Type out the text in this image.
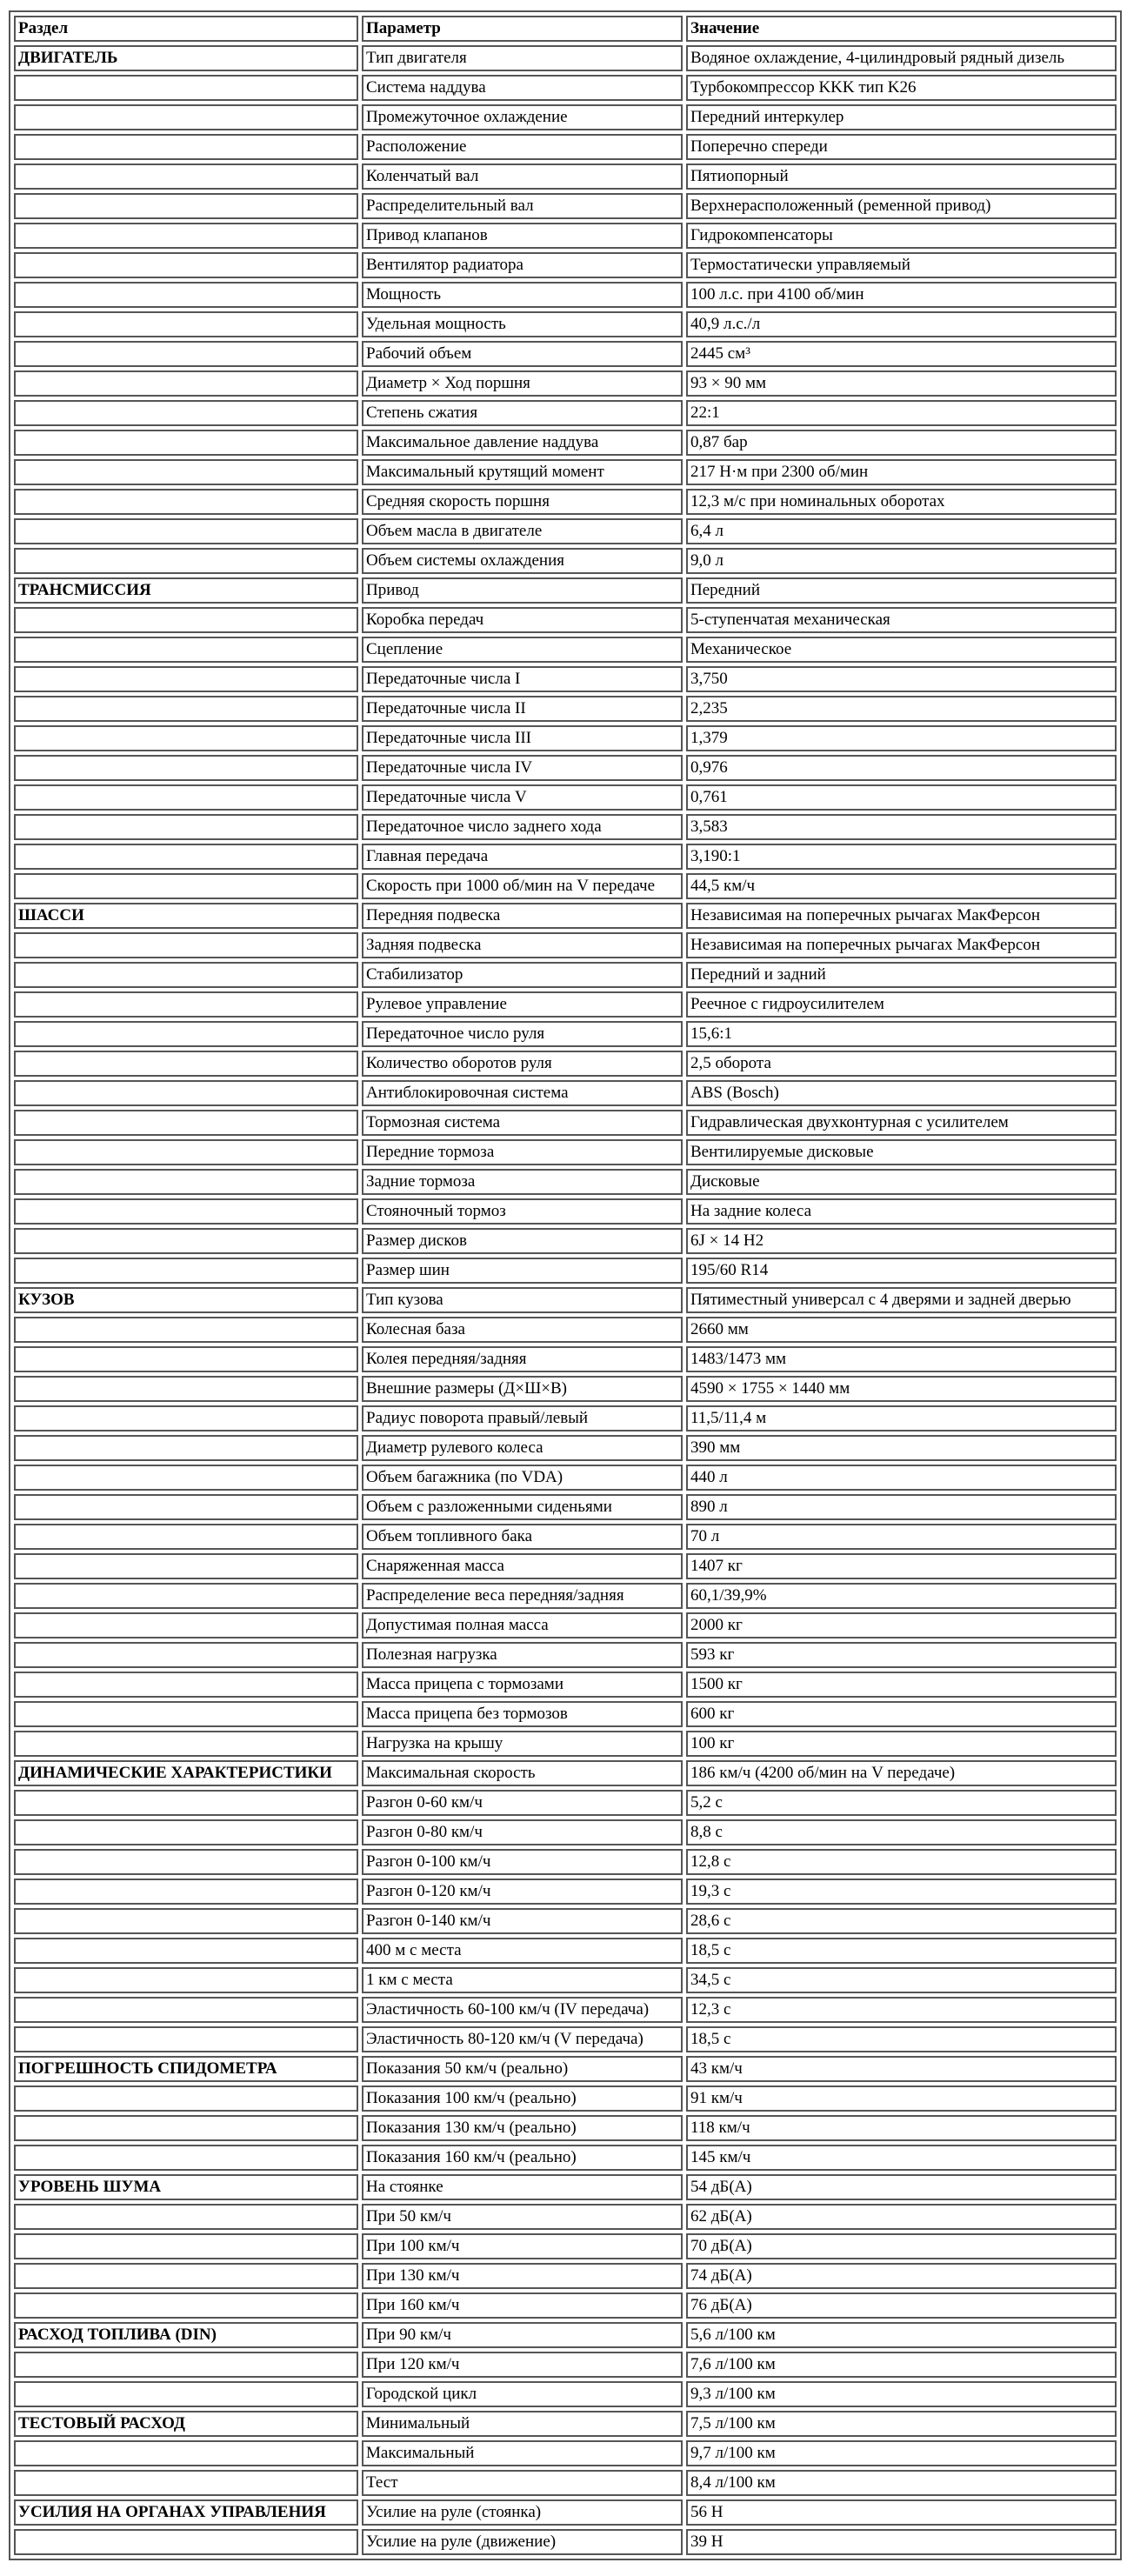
Раздел	Параметр	Значение
ДВИГАТЕЛЬ	Тип двигателя	Водяное охлаждение, 4-цилиндровый рядный дизель
	Система наддува	Турбокомпрессор KKK тип K26
	Промежуточное охлаждение	Передний интеркулер
	Расположение	Поперечно спереди
	Коленчатый вал	Пятиопорный
	Распределительный вал	Верхнерасположенный (ременной привод)
	Привод клапанов	Гидрокомпенсаторы
	Вентилятор радиатора	Термостатически управляемый
	Мощность	100 л.с. при 4100 об/мин
	Удельная мощность	40,9 л.с./л
	Рабочий объем	2445 см³
	Диаметр × Ход поршня	93 × 90 мм
	Степень сжатия	22:1
	Максимальное давление наддува	0,87 бар
	Максимальный крутящий момент	217 Н·м при 2300 об/мин
	Средняя скорость поршня	12,3 м/с при номинальных оборотах
	Объем масла в двигателе	6,4 л
	Объем системы охлаждения	9,0 л
ТРАНСМИССИЯ	Привод	Передний
	Коробка передач	5-ступенчатая механическая
	Сцепление	Механическое
	Передаточные числа I	3,750
	Передаточные числа II	2,235
	Передаточные числа III	1,379
	Передаточные числа IV	0,976
	Передаточные числа V	0,761
	Передаточное число заднего хода	3,583
	Главная передача	3,190:1
	Скорость при 1000 об/мин на V передаче	44,5 км/ч
ШАССИ	Передняя подвеска	Независимая на поперечных рычагах МакФерсон
	Задняя подвеска	Независимая на поперечных рычагах МакФерсон
	Стабилизатор	Передний и задний
	Рулевое управление	Реечное с гидроусилителем
	Передаточное число руля	15,6:1
	Количество оборотов руля	2,5 оборота
	Антиблокировочная система	ABS (Bosch)
	Тормозная система	Гидравлическая двухконтурная с усилителем
	Передние тормоза	Вентилируемые дисковые
	Задние тормоза	Дисковые
	Стояночный тормоз	На задние колеса
	Размер дисков	6J × 14 H2
	Размер шин	195/60 R14
КУЗОВ	Тип кузова	Пятиместный универсал с 4 дверями и задней дверью
	Колесная база	2660 мм
	Колея передняя/задняя	1483/1473 мм
	Внешние размеры (Д×Ш×В)	4590 × 1755 × 1440 мм
	Радиус поворота правый/левый	11,5/11,4 м
	Диаметр рулевого колеса	390 мм
	Объем багажника (по VDA)	440 л
	Объем с разложенными сиденьями	890 л
	Объем топливного бака	70 л
	Снаряженная масса	1407 кг
	Распределение веса передняя/задняя	60,1/39,9%
	Допустимая полная масса	2000 кг
	Полезная нагрузка	593 кг
	Масса прицепа с тормозами	1500 кг
	Масса прицепа без тормозов	600 кг
	Нагрузка на крышу	100 кг
ДИНАМИЧЕСКИЕ ХАРАКТЕРИСТИКИ	Максимальная скорость	186 км/ч (4200 об/мин на V передаче)
	Разгон 0-60 км/ч	5,2 с
	Разгон 0-80 км/ч	8,8 с
	Разгон 0-100 км/ч	12,8 с
	Разгон 0-120 км/ч	19,3 с
	Разгон 0-140 км/ч	28,6 с
	400 м с места	18,5 с
	1 км с места	34,5 с
	Эластичность 60-100 км/ч (IV передача)	12,3 с
	Эластичность 80-120 км/ч (V передача)	18,5 с
ПОГРЕШНОСТЬ СПИДОМЕТРА	Показания 50 км/ч (реально)	43 км/ч
	Показания 100 км/ч (реально)	91 км/ч
	Показания 130 км/ч (реально)	118 км/ч
	Показания 160 км/ч (реально)	145 км/ч
УРОВЕНЬ ШУМА	На стоянке	54 дБ(А)
	При 50 км/ч	62 дБ(А)
	При 100 км/ч	70 дБ(А)
	При 130 км/ч	74 дБ(А)
	При 160 км/ч	76 дБ(А)
РАСХОД ТОПЛИВА (DIN)	При 90 км/ч	5,6 л/100 км
	При 120 км/ч	7,6 л/100 км
	Городской цикл	9,3 л/100 км
ТЕСТОВЫЙ РАСХОД	Минимальный	7,5 л/100 км
	Максимальный	9,7 л/100 км
	Тест	8,4 л/100 км
УСИЛИЯ НА ОРГАНАХ УПРАВЛЕНИЯ	Усилие на руле (стоянка)	56 Н
	Усилие на руле (движение)	39 Н
